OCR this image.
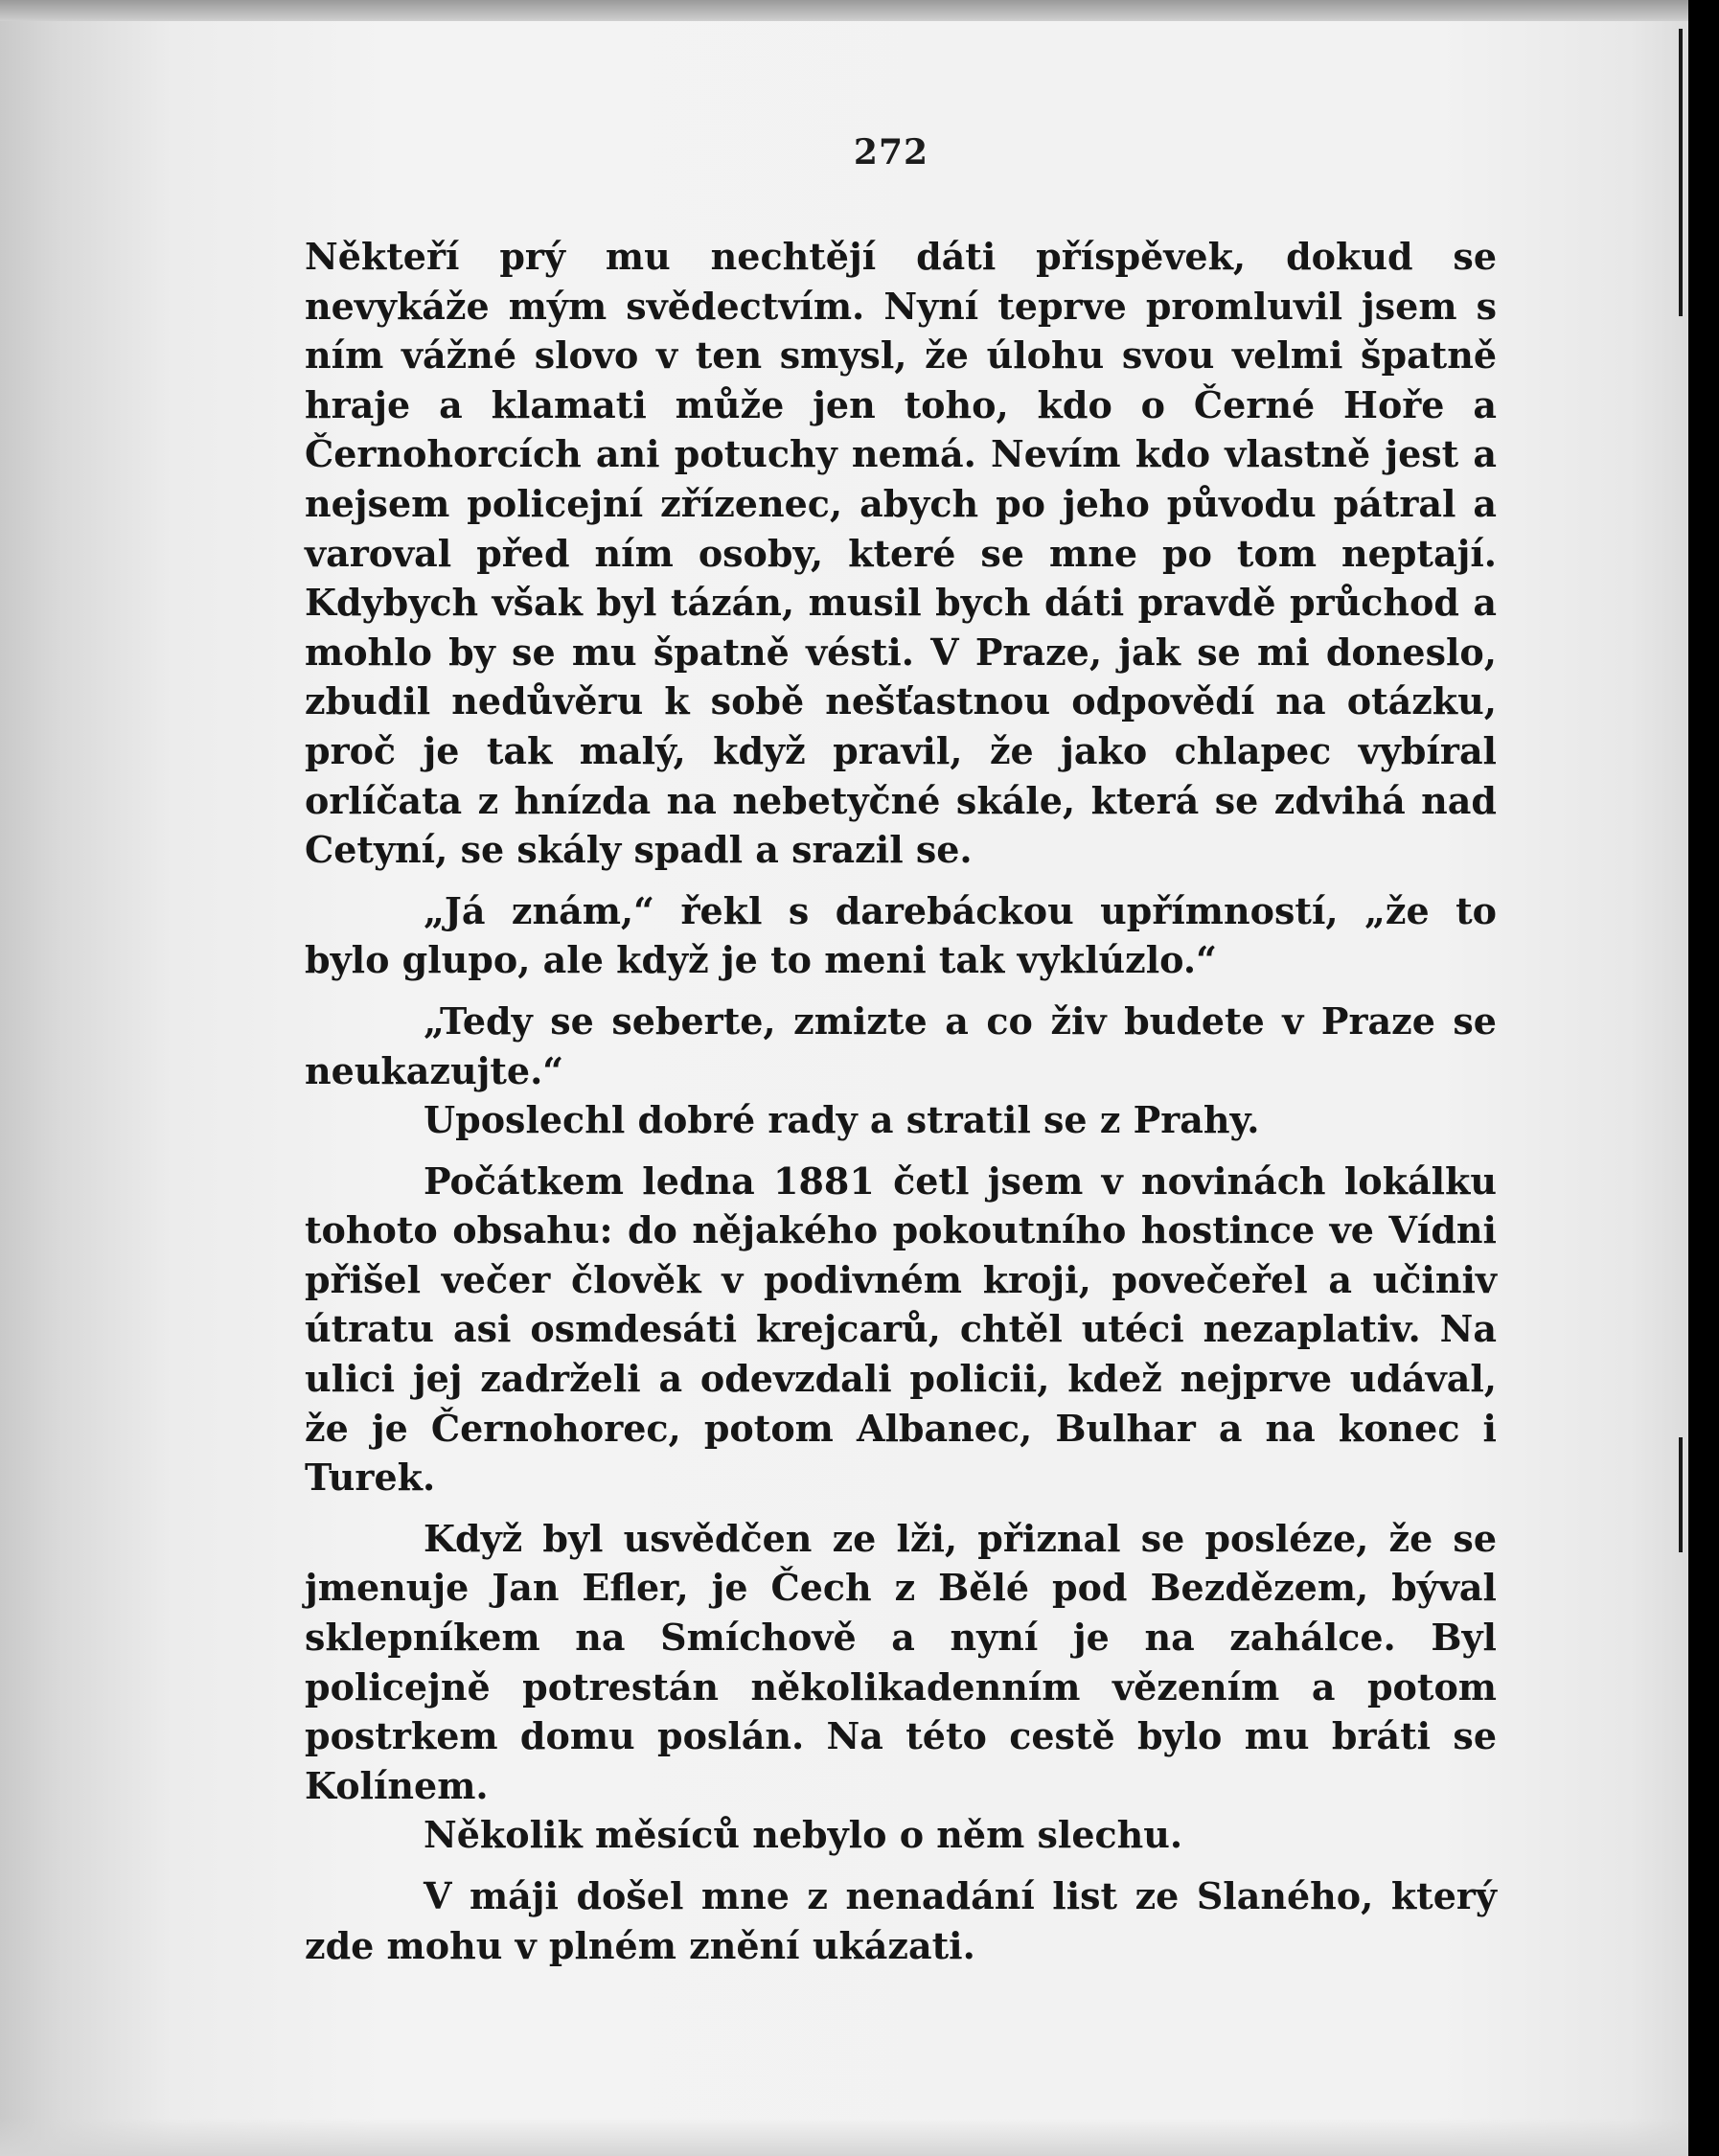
272

Někteří prý mu nechtějí dáti příspěvek, dokud se nevykáže mým svědectvím. Nyní teprve promluvil jsem s ním vážné slovo v ten smysl, že úlohu svou velmi špatně hraje a klamati může jen toho, kdo o Černé Hoře a Černohorcích ani potuchy nemá. Nevím kdo vlastně jest a nejsem policejní zřízenec, abych po jeho původu pátral a varoval před ním osoby, které se mne po tom neptají. Kdybych však byl tázán, musil bych dáti pravdě průchod a mohlo by se mu špatně vésti. V Praze, jak se mi doneslo, zbudil nedůvěru k sobě nešťastnou odpovědí na otázku, proč je tak malý, když pravil, že jako chlapec vybíral orlíčata z hnízda na nebetyčné skále, která se zdvihá nad Cetyní, se skály spadl a srazil se.

„Já znám,“ řekl s darebáckou upřímností, „že to bylo glupo, ale když je to meni tak vyklúzlo.“

„Tedy se seberte, zmizte a co živ budete v Praze se neukazujte.“

Uposlechl dobré rady a stratil se z Prahy.

Počátkem ledna 1881 četl jsem v novinách lokálku tohoto obsahu: do nějakého pokoutního hostince ve Vídni přišel večer člověk v podivném kroji, povečeřel a učiniv útratu asi osmdesáti krejcarů, chtěl utéci nezaplativ. Na ulici jej zadrželi a odevzdali policii, kdež nejprve udával, že je Černohorec, potom Albanec, Bulhar a na konec i Turek.

Když byl usvědčen ze lži, přiznal se posléze, že se jmenuje Jan Efler, je Čech z Bělé pod Bezdězem, býval sklepníkem na Smíchově a nyní je na zahálce. Byl policejně potrestán několikadenním vězením a potom postrkem domu poslán. Na této cestě bylo mu bráti se Kolínem.

Několik měsíců nebylo o něm slechu.

V máji došel mne z nenadání list ze Slaného, který zde mohu v plném znění ukázati.
